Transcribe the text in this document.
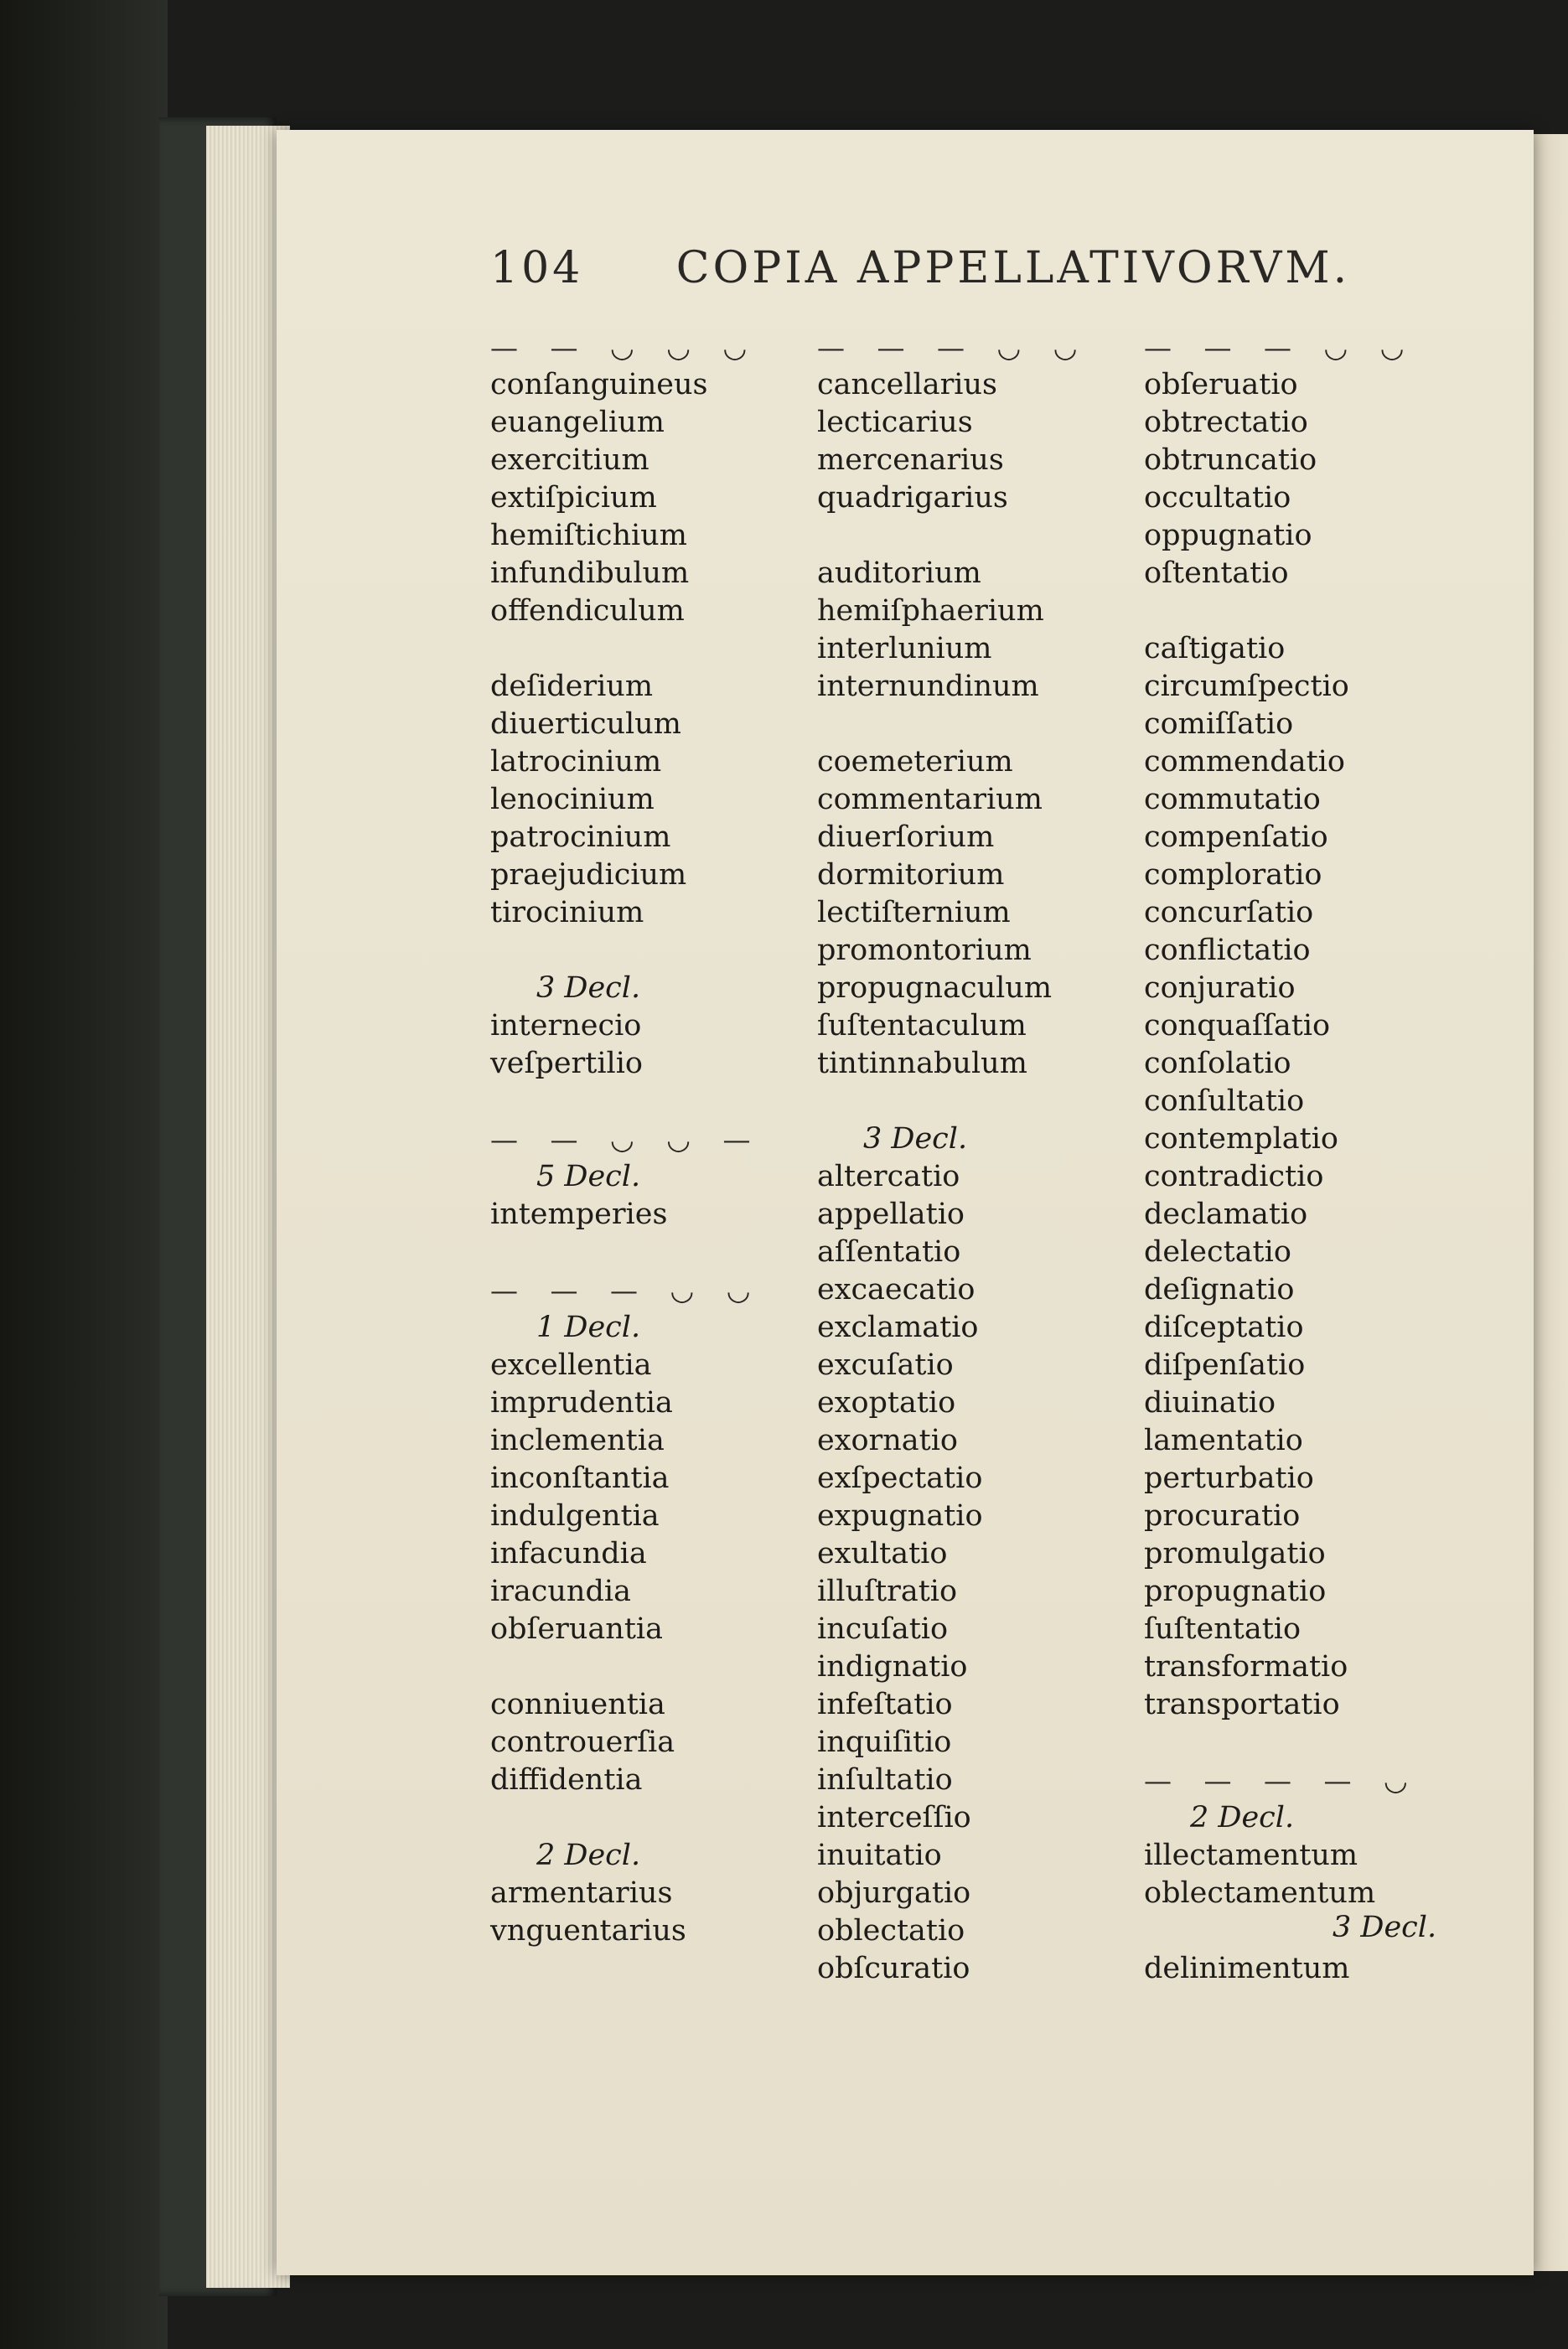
104 COPIA APPELLATIVORVM.
— — ◡ ◡ ◡
conſanguineus
euangelium
exercitium
extiſpicium
hemiſtichium
infundibulum
offendiculum
deſiderium
diuerticulum
latrocinium
lenocinium
patrocinium
praejudicium
tirocinium
3 Decl.
internecio
veſpertilio
— — ◡ ◡ —
5 Decl.
intemperies
— — — ◡ ◡
1 Decl.
excellentia
imprudentia
inclementia
inconſtantia
indulgentia
infacundia
iracundia
obſeruantia
conniuentia
controuerſia
diffidentia
2 Decl.
armentarius
vnguentarius
— — — ◡ ◡
cancellarius
lecticarius
mercenarius
quadrigarius
auditorium
hemiſphaerium
interlunium
internundinum
coemeterium
commentarium
diuerſorium
dormitorium
lectiſternium
promontorium
propugnaculum
ſuſtentaculum
tintinnabulum
3 Decl.
altercatio
appellatio
aſſentatio
excaecatio
exclamatio
excuſatio
exoptatio
exornatio
exſpectatio
expugnatio
exultatio
illuſtratio
incuſatio
indignatio
infeſtatio
inquiſitio
inſultatio
interceſſio
inuitatio
objurgatio
oblectatio
obſcuratio
— — — ◡ ◡
obſeruatio
obtrectatio
obtruncatio
occultatio
oppugnatio
oſtentatio
caſtigatio
circumſpectio
comiſſatio
commendatio
commutatio
compenſatio
comploratio
concurſatio
conflictatio
conjuratio
conquaſſatio
conſolatio
conſultatio
contemplatio
contradictio
declamatio
delectatio
deſignatio
diſceptatio
diſpenſatio
diuinatio
lamentatio
perturbatio
procuratio
promulgatio
propugnatio
ſuſtentatio
transformatio
transportatio
— — — — ◡
2 Decl.
illectamentum
oblectamentum
delinimentum
3 Decl.
